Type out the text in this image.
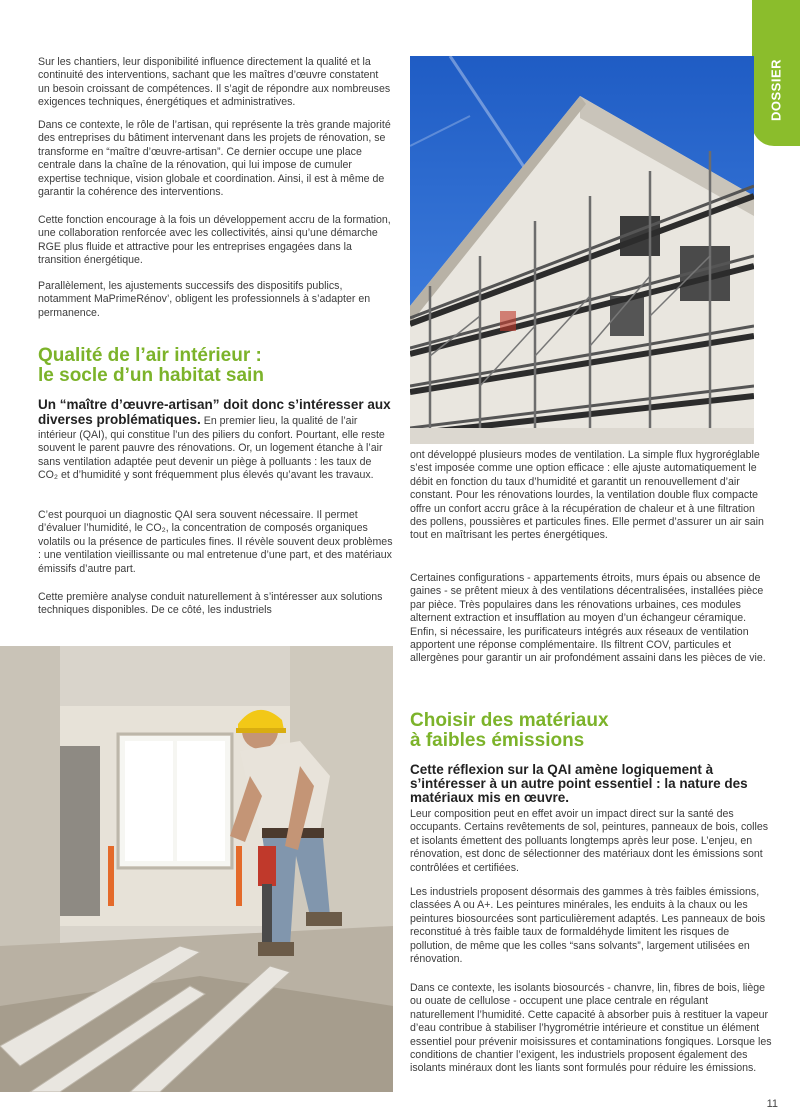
DOSSIER

Sur les chantiers, leur disponibilité influence directement la qualité et la continuité des interventions, sachant que les maîtres d’œuvre constatent un besoin croissant de compétences. Il s’agit de répondre aux nombreuses exigences techniques, énergétiques et administratives.

Dans ce contexte, le rôle de l’artisan, qui représente la très grande majorité des entreprises du bâtiment intervenant dans les projets de rénovation, se transforme en “maître d’œuvre-artisan”. Ce dernier occupe une place centrale dans la chaîne de la rénovation, qui lui impose de cumuler expertise technique, vision globale et coordination. Ainsi, il est à même de garantir la cohérence des interventions.

Cette fonction encourage à la fois un développement accru de la formation, une collaboration renforcée avec les collectivités, ainsi qu’une démarche RGE plus fluide et attractive pour les entreprises engagées dans la transition énergétique.

Parallèlement, les ajustements successifs des dispositifs publics, notamment MaPrimeRénov’, obligent les professionnels à s’adapter en permanence.

Qualité de l’air intérieur :
le socle d’un habitat sain

Un “maître d’œuvre-artisan” doit donc s’intéresser aux diverses problématiques. En premier lieu, la qualité de l’air intérieur (QAI), qui constitue l’un des piliers du confort. Pourtant, elle reste souvent le parent pauvre des rénovations. Or, un logement étanche à l’air sans ventilation adaptée peut devenir un piège à polluants : les taux de CO₂ et d’humidité y sont fréquemment plus élevés qu’avant les travaux.

C’est pourquoi un diagnostic QAI sera souvent nécessaire. Il permet d’évaluer l’humidité, le CO₂, la concentration de composés organiques volatils ou la présence de particules fines. Il révèle souvent deux problèmes : une ventilation vieillissante ou mal entretenue d’une part, et des matériaux émissifs d’autre part.

Cette première analyse conduit naturellement à s’intéresser aux solutions techniques disponibles. De ce côté, les industriels

ont développé plusieurs modes de ventilation. La simple flux hygroréglable s’est imposée comme une option efficace : elle ajuste automatiquement le débit en fonction du taux d’humidité et garantit un renouvellement d’air constant. Pour les rénovations lourdes, la ventilation double flux compacte offre un confort accru grâce à la récupération de chaleur et à une filtration des pollens, poussières et particules fines. Elle permet d’assurer un air sain tout en maîtrisant les pertes énergétiques.

Certaines configurations - appartements étroits, murs épais ou absence de gaines - se prêtent mieux à des ventilations décentralisées, installées pièce par pièce. Très populaires dans les rénovations urbaines, ces modules alternent extraction et insufflation au moyen d’un échangeur céramique. Enfin, si nécessaire, les purificateurs intégrés aux réseaux de ventilation apportent une réponse complémentaire. Ils filtrent COV, particules et allergènes pour garantir un air profondément assaini dans les pièces de vie.

Choisir des matériaux
à faibles émissions
Cette réflexion sur la QAI amène logiquement à s’intéresser à un autre point essentiel : la nature des matériaux mis en œuvre.

Leur composition peut en effet avoir un impact direct sur la santé des occupants. Certains revêtements de sol, peintures, panneaux de bois, colles et isolants émettent des polluants longtemps après leur pose. L’enjeu, en rénovation, est donc de sélectionner des matériaux dont les émissions sont contrôlées et certifiées.

Les industriels proposent désormais des gammes à très faibles émissions, classées A ou A+. Les peintures minérales, les enduits à la chaux ou les peintures biosourcées sont particulièrement adaptés. Les panneaux de bois reconstitué à très faible taux de formaldéhyde limitent les risques de pollution, de même que les colles “sans solvants”, largement utilisées en rénovation.

Dans ce contexte, les isolants biosourcés - chanvre, lin, fibres de bois, liège ou ouate de cellulose - occupent une place centrale en régulant naturellement l’humidité. Cette capacité à absorber puis à restituer la vapeur d’eau contribue à stabiliser l’hygrométrie intérieure et constitue un élément essentiel pour prévenir moisissures et contaminations fongiques. Lorsque les conditions de chantier l’exigent, les industriels proposent également des isolants minéraux dont les liants sont formulés pour réduire les émissions.

11
